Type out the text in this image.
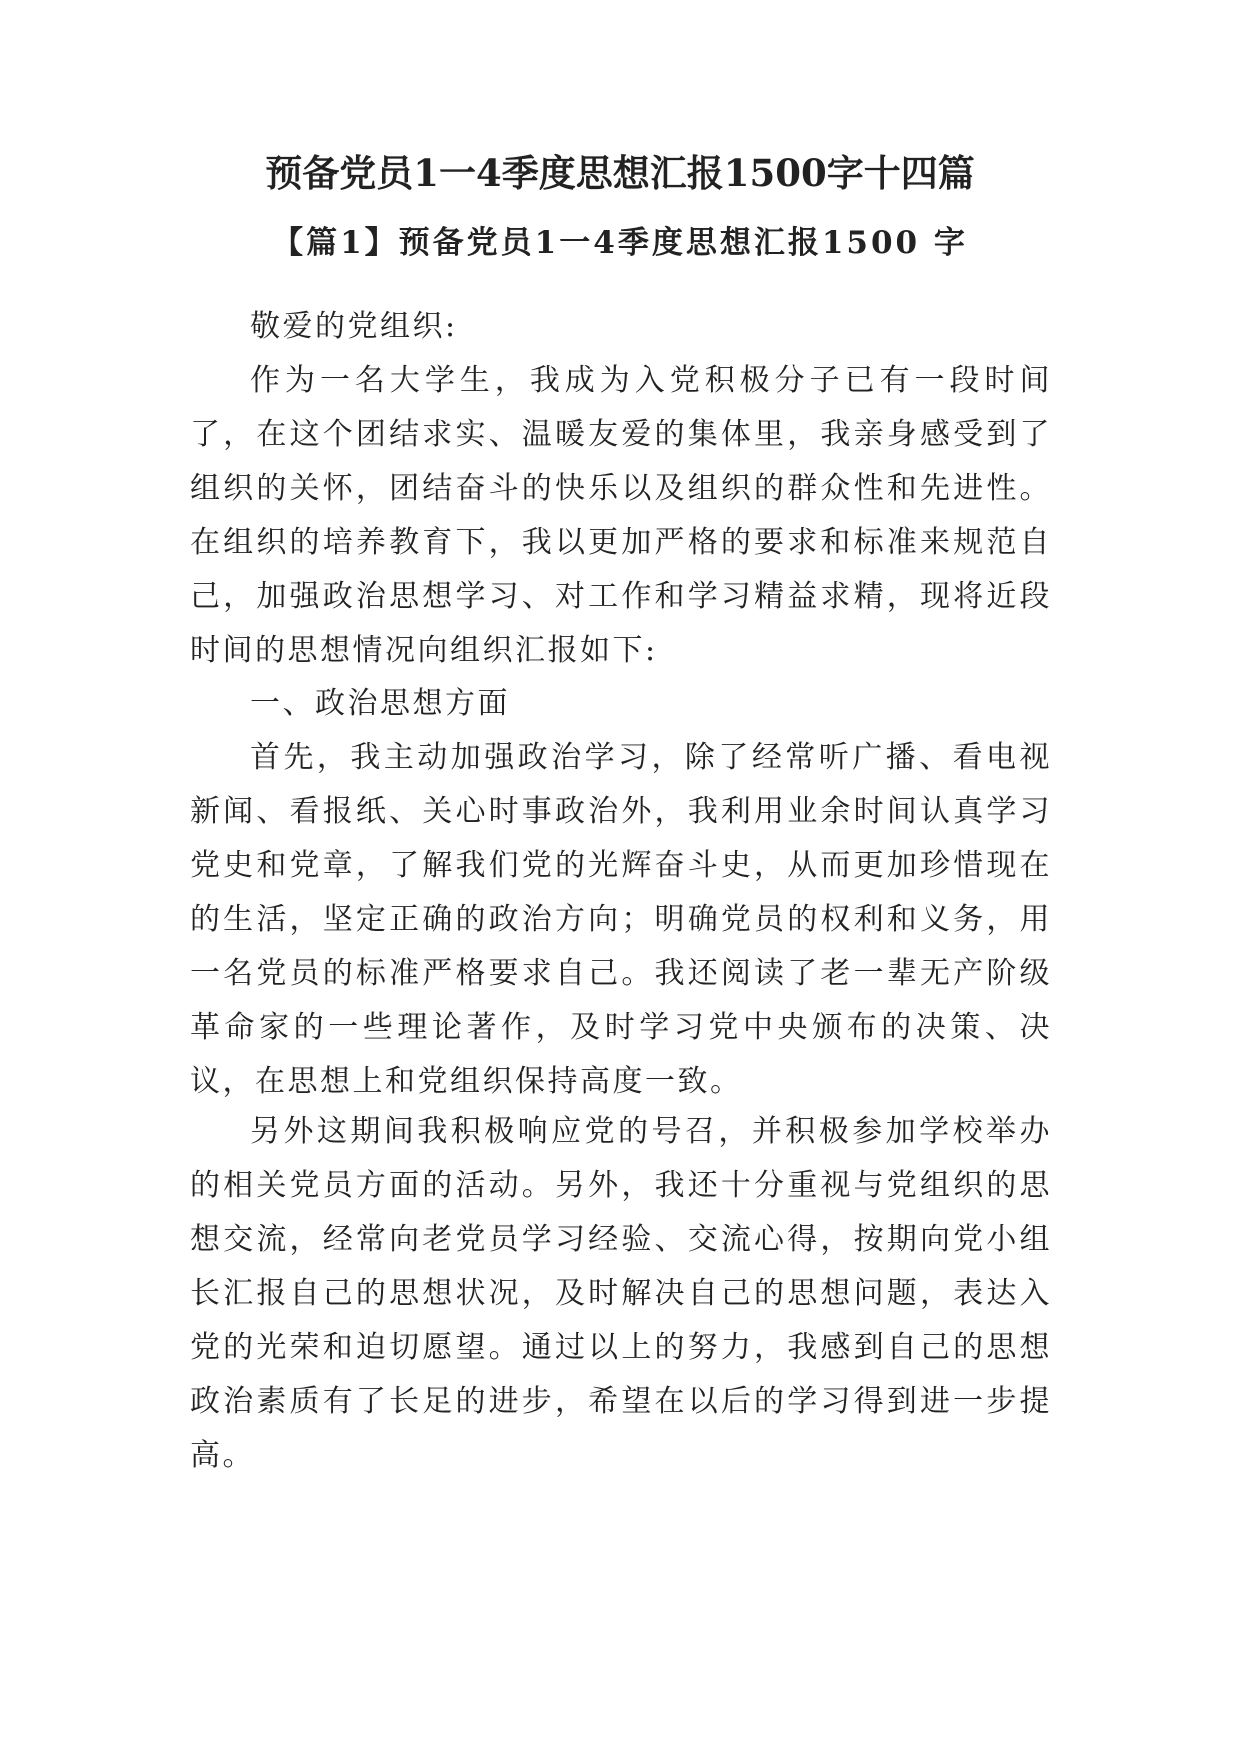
预备党员1一4季度思想汇报1500字十四篇
【篇1】预备党员1一4季度思想汇报1500 字

敬爱的党组织:

作为一名大学生，我成为入党积极分子已有一段时间了，在这个团结求实、温暖友爱的集体里，我亲身感受到了组织的关怀，团结奋斗的快乐以及组织的群众性和先进性。在组织的培养教育下，我以更加严格的要求和标准来规范自己，加强政治思想学习、对工作和学习精益求精，现将近段时间的思想情况向组织汇报如下:

一、政治思想方面

首先，我主动加强政治学习，除了经常听广播、看电视新闻、看报纸、关心时事政治外，我利用业余时间认真学习党史和党章，了解我们党的光辉奋斗史，从而更加珍惜现在的生活，坚定正确的政治方向；明确党员的权利和义务，用一名党员的标准严格要求自己。我还阅读了老一辈无产阶级革命家的一些理论著作，及时学习党中央颁布的决策、决议，在思想上和党组织保持高度一致。

另外这期间我积极响应党的号召，并积极参加学校举办的相关党员方面的活动。另外，我还十分重视与党组织的思想交流，经常向老党员学习经验、交流心得，按期向党小组长汇报自己的思想状况，及时解决自己的思想问题，表达入党的光荣和迫切愿望。通过以上的努力，我感到自己的思想政治素质有了长足的进步，希望在以后的学习得到进一步提高。
